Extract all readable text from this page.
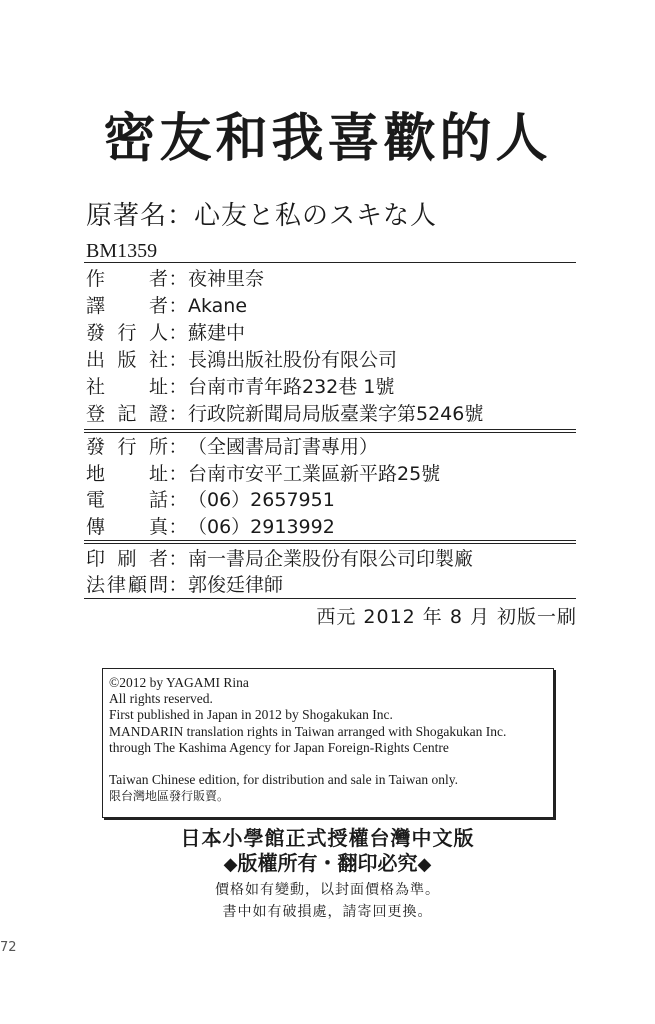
密友和我喜歡的人
原著名：心友と私のスキな人
BM1359
作者：夜神里奈
譯者：Akane
發行人：蘇建中
出版社：長鴻出版社股份有限公司
社址：台南市青年路232巷 1號
登記證：行政院新聞局局版臺業字第5246號
發行所：（全國書局訂書專用）
地址：台南市安平工業區新平路25號
電話：（06）2657951
傳真：（06）2913992
印刷者：南一書局企業股份有限公司印製廠
法律顧問：郭俊廷律師
西元 2012 年 8 月 初版一刷
©2012 by YAGAMI Rina
All rights reserved.
First published in Japan in 2012 by Shogakukan Inc.
MANDARIN translation rights in Taiwan arranged with Shogakukan Inc.
through The Kashima Agency for Japan Foreign-Rights Centre
Taiwan Chinese edition, for distribution and sale in Taiwan only.
限台灣地區發行販賣。
日本小學館正式授權台灣中文版
◆版權所有・翻印必究◆
價格如有變動，以封面價格為準。
書中如有破損處，請寄回更換。
72
